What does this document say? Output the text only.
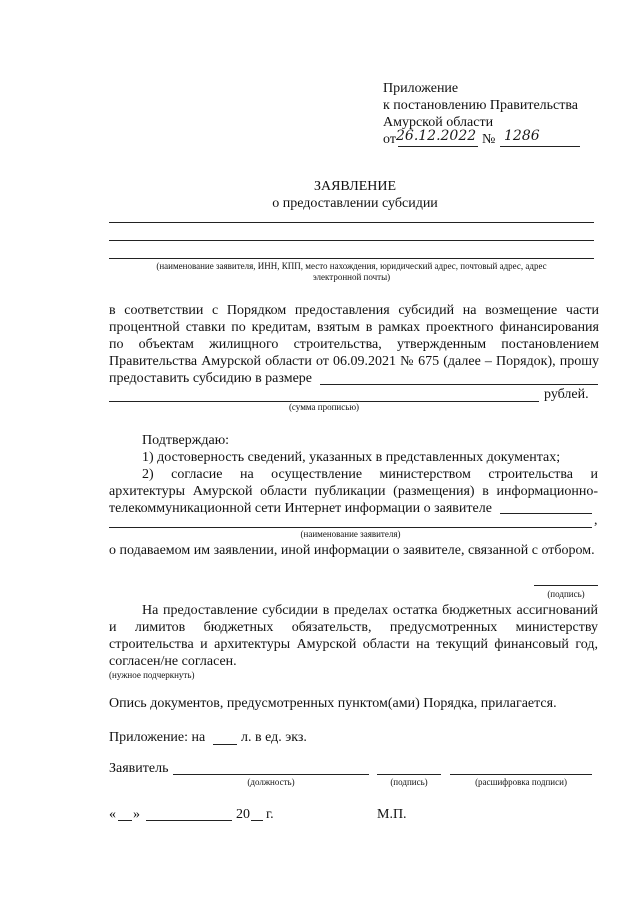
Приложение
к постановлению Правительства
Амурской области
от 26.12.2022 № 1286
ЗАЯВЛЕНИЕ
о предоставлении субсидии
(наименование заявителя, ИНН, КПП, место нахождения, юридический адрес, почтовый адрес, адрес
электронной почты)
в соответствии с Порядком предоставления субсидий на возмещение части
процентной ставки по кредитам, взятым в рамках проектного финансирования
по объектам жилищного строительства, утвержденным постановлением
Правительства Амурской области от 06.09.2021 № 675 (далее – Порядок), прошу
предоставить субсидию в размере
рублей.
(сумма прописью)
Подтверждаю:
1) достоверность сведений, указанных в представленных документах;
2) согласие на осуществление министерством строительства и
архитектуры Амурской области публикации (размещения) в информационно-
телекоммуникационной сети Интернет информации о заявителе
,
(наименование заявителя)
о подаваемом им заявлении, иной информации о заявителе, связанной с отбором.
(подпись)
На предоставление субсидии в пределах остатка бюджетных ассигнований
и лимитов бюджетных обязательств, предусмотренных министерству
строительства и архитектуры Амурской области на текущий финансовый год,
согласен/не согласен.
(нужное подчеркнуть)
Опись документов, предусмотренных пунктом(ами) Порядка, прилагается.
Приложение: на	л. в ед. экз.
Заявитель
(должность)	(подпись)	(расшифровка подписи)
« »	20 г.	М.П.
